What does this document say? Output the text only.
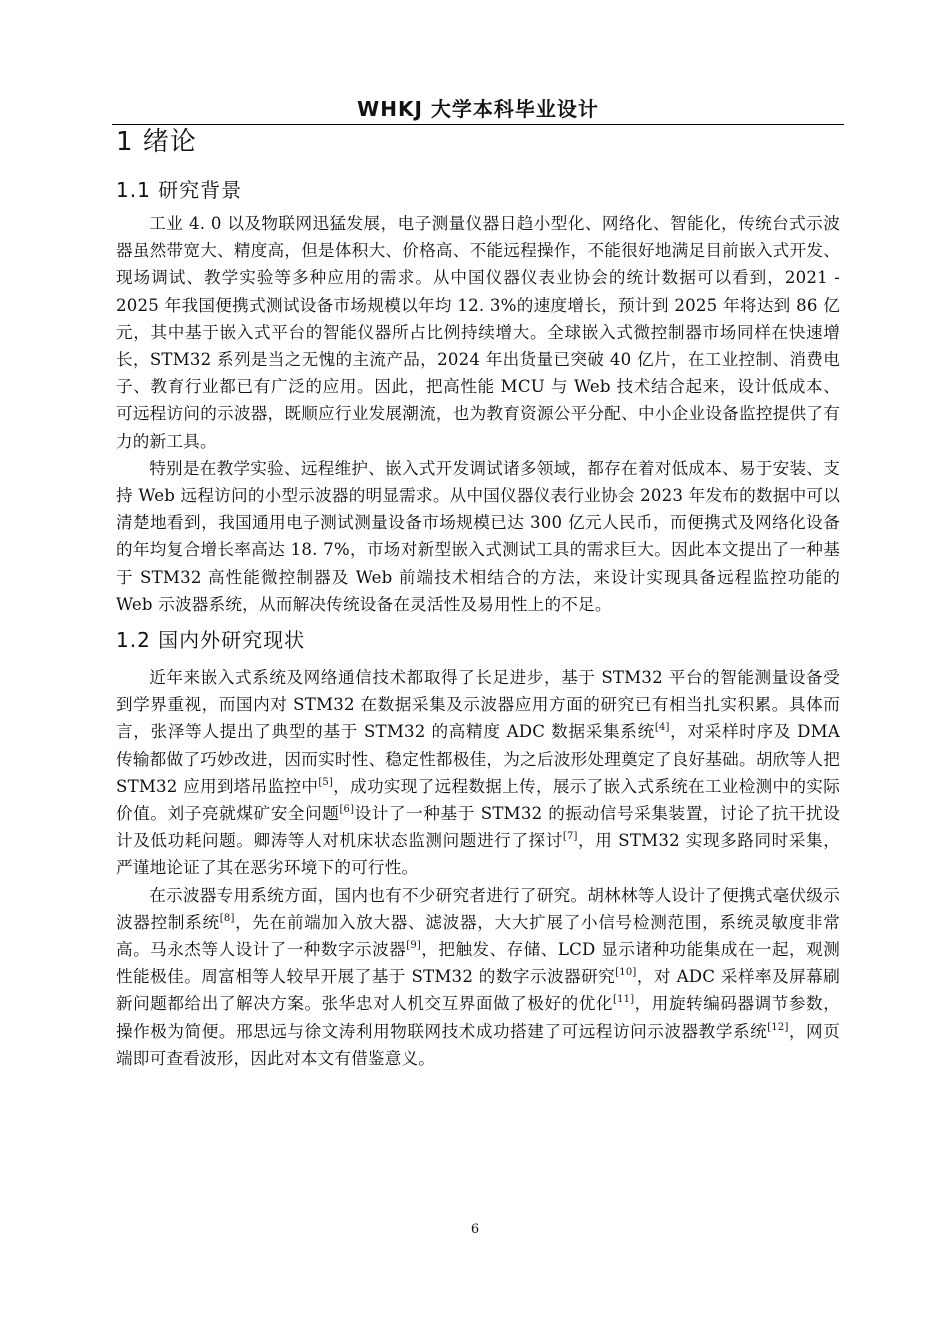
WHKJ 大学本科毕业设计
1 绪论
1.1 研究背景

工业 4. 0 以及物联网迅猛发展，电子测量仪器日趋小型化、网络化、智能化，传统台式示波器虽然带宽大、精度高，但是体积大、价格高、不能远程操作，不能很好地满足目前嵌入式开发、现场调试、教学实验等多种应用的需求。从中国仪器仪表业协会的统计数据可以看到，2021 - 2025 年我国便携式测试设备市场规模以年均 12. 3%的速度增长，预计到 2025 年将达到 86 亿元，其中基于嵌入式平台的智能仪器所占比例持续增大。全球嵌入式微控制器市场同样在快速增长，STM32 系列是当之无愧的主流产品，2024 年出货量已突破 40 亿片，在工业控制、消费电子、教育行业都已有广泛的应用。因此，把高性能 MCU 与 Web 技术结合起来，设计低成本、可远程访问的示波器，既顺应行业发展潮流，也为教育资源公平分配、中小企业设备监控提供了有力的新工具。

特别是在教学实验、远程维护、嵌入式开发调试诸多领域，都存在着对低成本、易于安装、支持 Web 远程访问的小型示波器的明显需求。从中国仪器仪表行业协会 2023 年发布的数据中可以清楚地看到，我国通用电子测试测量设备市场规模已达 300 亿元人民币，而便携式及网络化设备的年均复合增长率高达 18. 7%，市场对新型嵌入式测试工具的需求巨大。因此本文提出了一种基于 STM32 高性能微控制器及 Web 前端技术相结合的方法，来设计实现具备远程监控功能的 Web 示波器系统，从而解决传统设备在灵活性及易用性上的不足。

1.2 国内外研究现状

近年来嵌入式系统及网络通信技术都取得了长足进步，基于 STM32 平台的智能测量设备受到学界重视，而国内对 STM32 在数据采集及示波器应用方面的研究已有相当扎实积累。具体而言，张泽等人提出了典型的基于 STM32 的高精度 ADC 数据采集系统[4]，对采样时序及 DMA 传输都做了巧妙改进，因而实时性、稳定性都极佳，为之后波形处理奠定了良好基础。胡欣等人把 STM32 应用到塔吊监控中[5]，成功实现了远程数据上传，展示了嵌入式系统在工业检测中的实际价值。刘子亮就煤矿安全问题[6]设计了一种基于 STM32 的振动信号采集装置，讨论了抗干扰设计及低功耗问题。卿涛等人对机床状态监测问题进行了探讨[7]，用 STM32 实现多路同时采集，严谨地论证了其在恶劣环境下的可行性。

在示波器专用系统方面，国内也有不少研究者进行了研究。胡林林等人设计了便携式毫伏级示波器控制系统[8]，先在前端加入放大器、滤波器，大大扩展了小信号检测范围，系统灵敏度非常高。马永杰等人设计了一种数字示波器[9]，把触发、存储、LCD 显示诸种功能集成在一起，观测性能极佳。周富相等人较早开展了基于 STM32 的数字示波器研究[10]，对 ADC 采样率及屏幕刷新问题都给出了解决方案。张华忠对人机交互界面做了极好的优化[11]，用旋转编码器调节参数，操作极为简便。邢思远与徐文涛利用物联网技术成功搭建了可远程访问示波器教学系统[12]，网页端即可查看波形，因此对本文有借鉴意义。

6
